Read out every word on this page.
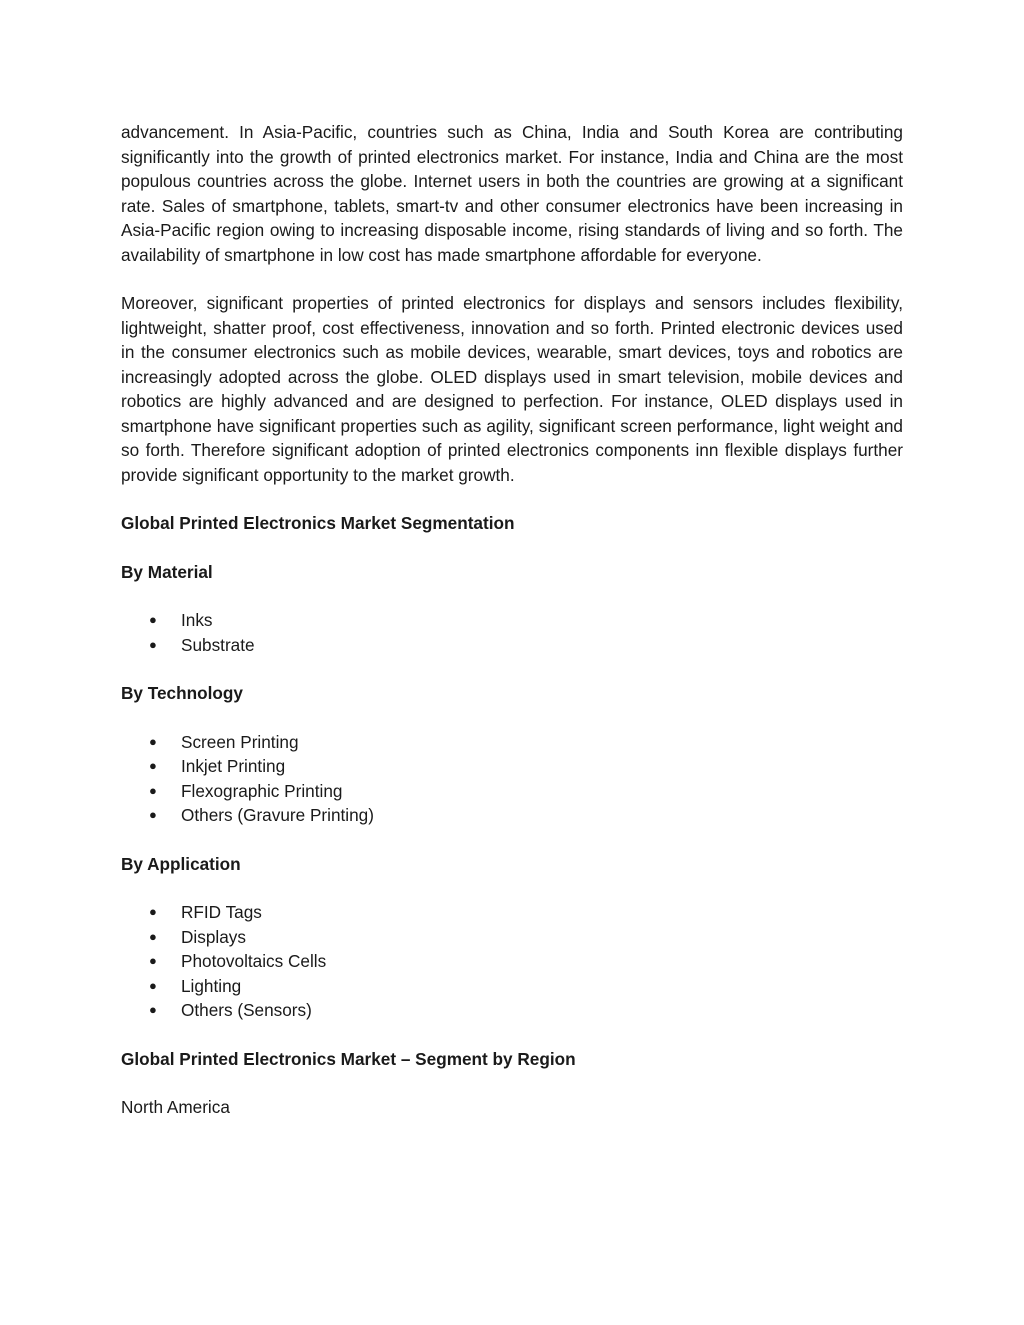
advancement. In Asia-Pacific, countries such as China, India and South Korea are contributing significantly into the growth of printed electronics market. For instance, India and China are the most populous countries across the globe. Internet users in both the countries are growing at a significant rate. Sales of smartphone, tablets, smart-tv and other consumer electronics have been increasing in Asia-Pacific region owing to increasing disposable income, rising standards of living and so forth. The availability of smartphone in low cost has made smartphone affordable for everyone.

Moreover, significant properties of printed electronics for displays and sensors includes flexibility, lightweight, shatter proof, cost effectiveness, innovation and so forth. Printed electronic devices used in the consumer electronics such as mobile devices, wearable, smart devices, toys and robotics are increasingly adopted across the globe. OLED displays used in smart television, mobile devices and robotics are highly advanced and are designed to perfection. For instance, OLED displays used in smartphone have significant properties such as agility, significant screen performance, light weight and so forth. Therefore significant adoption of printed electronics components inn flexible displays further provide significant opportunity to the market growth.

Global Printed Electronics Market Segmentation

By Material

● Inks
● Substrate

By Technology

● Screen Printing
● Inkjet Printing
● Flexographic Printing
● Others (Gravure Printing)

By Application

● RFID Tags
● Displays
● Photovoltaics Cells
● Lighting
● Others (Sensors)

Global Printed Electronics Market – Segment by Region

North America
